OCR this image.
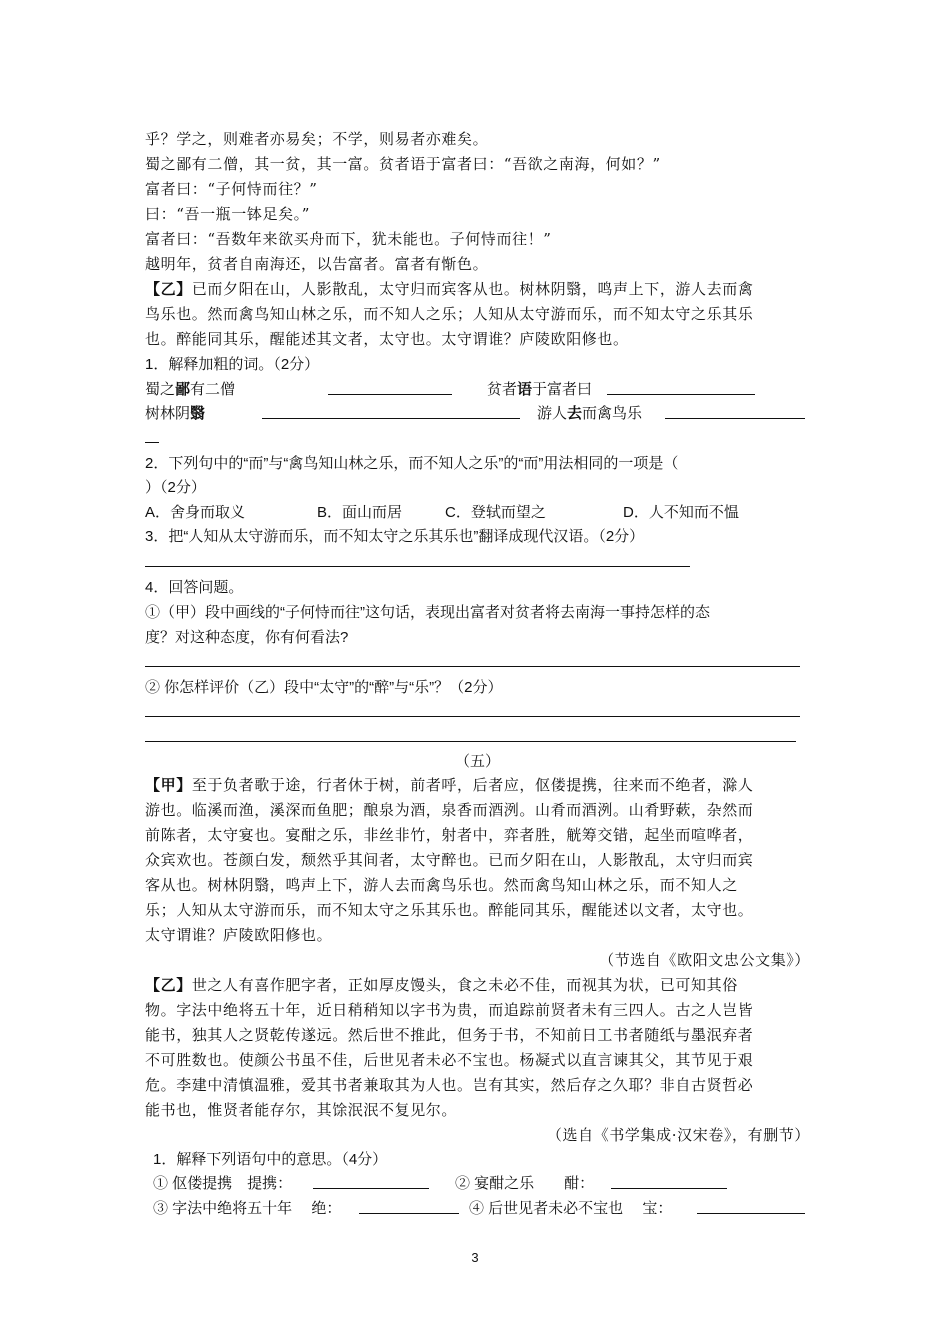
乎？学之，则难者亦易矣；不学，则易者亦难矣。
蜀之鄙有二僧，其一贫，其一富。贫者语于富者曰：“吾欲之南海，何如？”
富者曰：“子何恃而往？”
曰：“吾一瓶一钵足矣。”
富者曰：“吾数年来欲买舟而下，犹未能也。子何恃而往！”
越明年，贫者自南海还，以告富者。富者有惭色。
【乙】已而夕阳在山，人影散乱，太守归而宾客从也。树林阴翳，鸣声上下，游人去而禽
鸟乐也。然而禽鸟知山林之乐，而不知人之乐；人知从太守游而乐，而不知太守之乐其乐
也。醉能同其乐，醒能述其文者，太守也。太守谓谁？庐陵欧阳修也。
1．解释加粗的词。（2分）
蜀之鄙有二僧	贫者语于富者曰
树林阴翳	游人去而禽鸟乐
2．下列句中的“而”与“禽鸟知山林之乐，而不知人之乐”的“而”用法相同的一项是（
）（2分）
A．舍身而取义	B．面山而居	C．登轼而望之	D．人不知而不愠
3．把“人知从太守游而乐，而不知太守之乐其乐也”翻译成现代汉语。（2分）
4．回答问题。
①（甲）段中画线的“子何恃而往”这句话，表现出富者对贫者将去南海一事持怎样的态
度？对这种态度，你有何看法?
② 你怎样评价（乙）段中“太守”的“醉”与“乐”？（2分）
（五）
【甲】至于负者歌于途，行者休于树，前者呼，后者应，伛偻提携，往来而不绝者，滁人
游也。临溪而渔，溪深而鱼肥；酿泉为酒，泉香而酒洌。山肴而酒洌。山肴野蔌，杂然而
前陈者，太守宴也。宴酣之乐，非丝非竹，射者中，弈者胜，觥筹交错，起坐而喧哗者，
众宾欢也。苍颜白发，颓然乎其间者，太守醉也。已而夕阳在山，人影散乱，太守归而宾
客从也。树林阴翳，鸣声上下，游人去而禽鸟乐也。然而禽鸟知山林之乐，而不知人之
乐；人知从太守游而乐，而不知太守之乐其乐也。醉能同其乐，醒能述以文者，太守也。
太守谓谁？庐陵欧阳修也。
（节选自《欧阳文忠公文集》）
【乙】世之人有喜作肥字者，正如厚皮馒头，食之未必不佳，而视其为状，已可知其俗
物。字法中绝将五十年，近日稍稍知以字书为贵，而追踪前贤者未有三四人。古之人岂皆
能书，独其人之贤乾传遂远。然后世不推此，但务于书，不知前日工书者随纸与墨泯弃者
不可胜数也。使颜公书虽不佳，后世见者未必不宝也。杨凝式以直言谏其父，其节见于艰
危。李建中清慎温雅，爱其书者兼取其为人也。岂有其实，然后存之久耶？非自古贤哲必
能书也，惟贤者能存尔，其馀泯泯不复见尔。
（选自《书学集成·汉宋卷》，有删节）
1．解释下列语句中的意思。（4分）
① 伛偻提携　提携：	② 宴酣之乐　　酣：
③ 字法中绝将五十年　 绝：	④ 后世见者未必不宝也　 宝：
3
